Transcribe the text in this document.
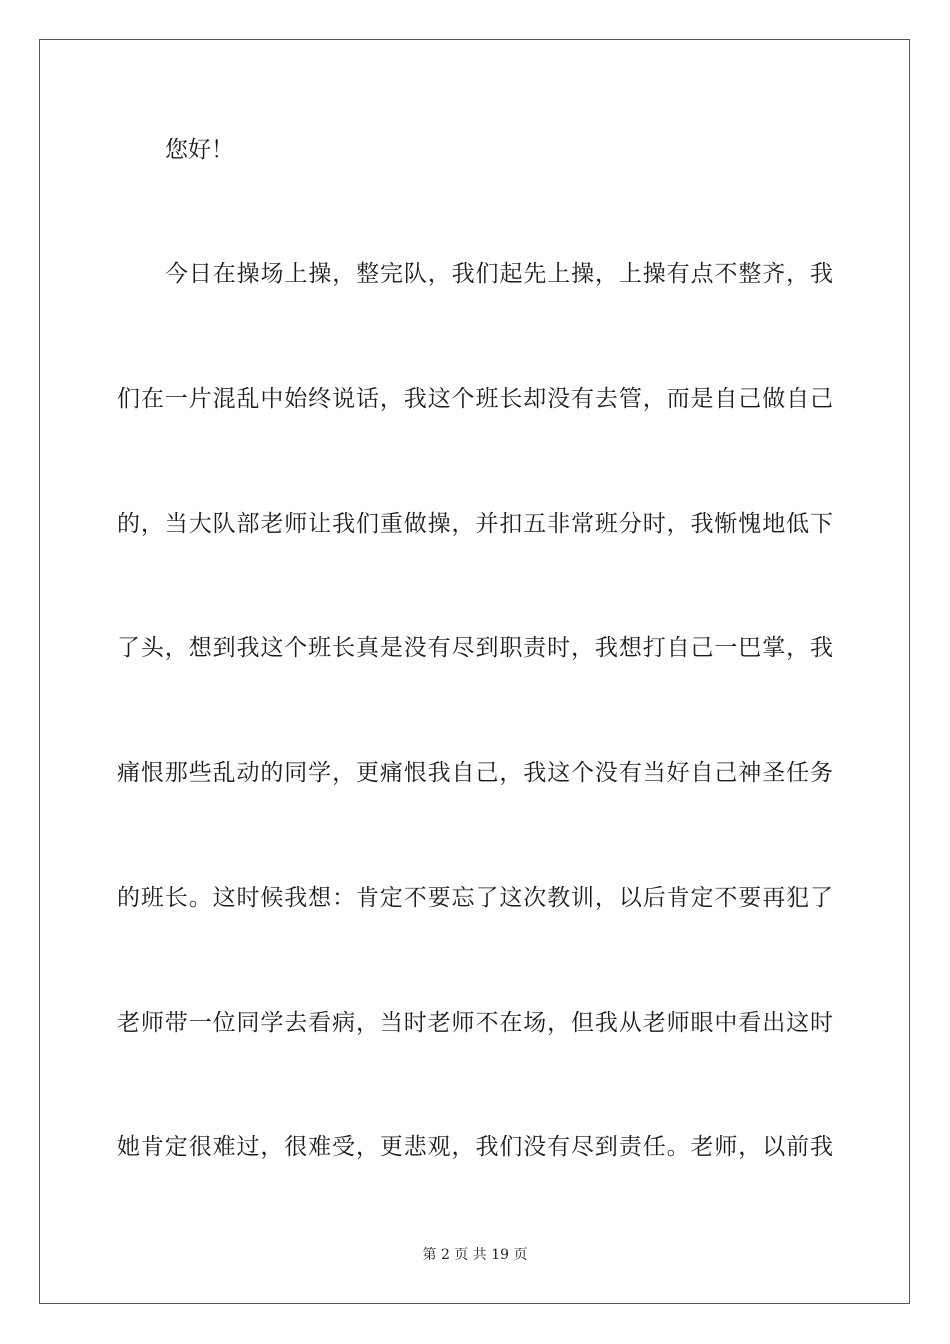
您好！
今日在操场上操，整完队，我们起先上操，上操有点不整齐，我
们在一片混乱中始终说话，我这个班长却没有去管，而是自己做自己
的，当大队部老师让我们重做操，并扣五非常班分时，我惭愧地低下
了头，想到我这个班长真是没有尽到职责时，我想打自己一巴掌，我
痛恨那些乱动的同学，更痛恨我自己，我这个没有当好自己神圣任务
的班长。这时候我想：肯定不要忘了这次教训，以后肯定不要再犯了
老师带一位同学去看病，当时老师不在场，但我从老师眼中看出这时
她肯定很难过，很难受，更悲观，我们没有尽到责任。老师，以前我
第 2 页 共 19 页
